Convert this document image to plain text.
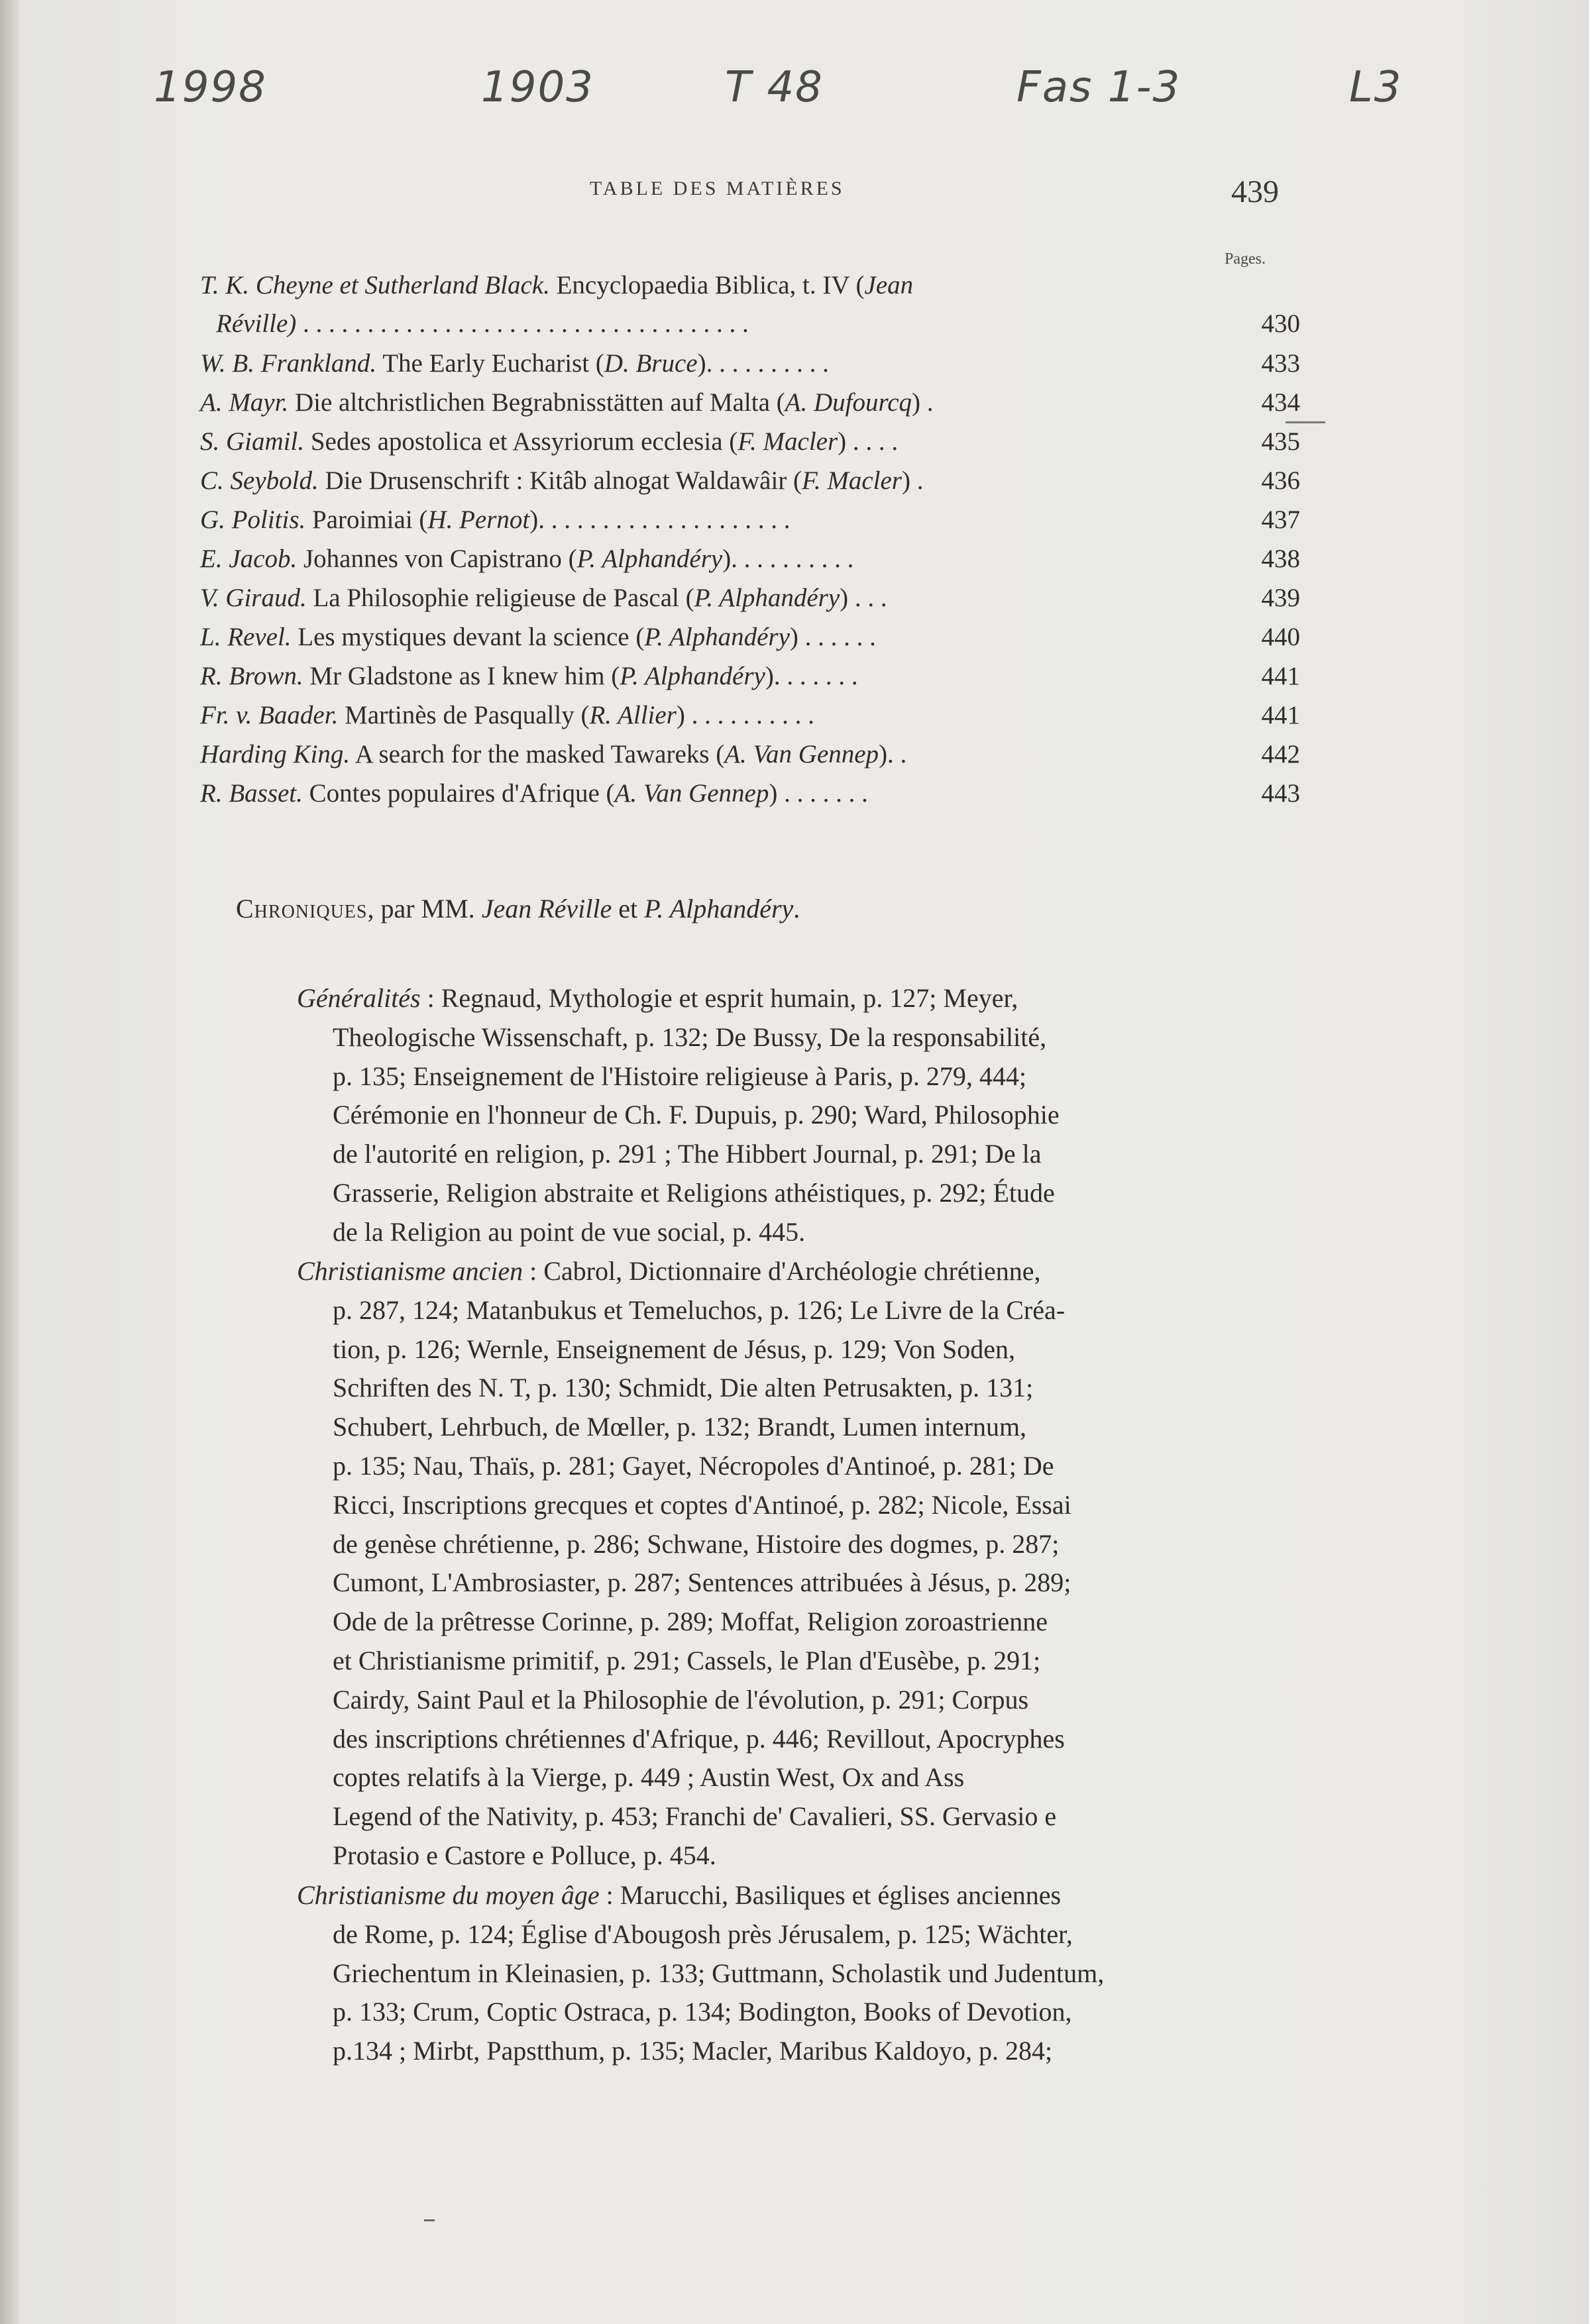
1998	1903	T 48	Fas 1-3	L3
TABLE DES MATIÈRES	439
Pages.
T. K. Cheyne et Sutherland Black. Encyclopaedia Biblica, t. IV (Jean
Réville) . . . . . . . . . . . . . . . . . . . . . . . . . . . . . . . . . . .	430
W. B. Frankland. The Early Eucharist (D. Bruce). . . . . . . . . .	433
A. Mayr. Die altchristlichen Begrabnisstätten auf Malta (A. Dufourcq) .	434
S. Giamil. Sedes apostolica et Assyriorum ecclesia (F. Macler) . . . .	435
C. Seybold. Die Drusenschrift : Kitâb alnogat Waldawâir (F. Macler) .	436
G. Politis. Paroimiai (H. Pernot). . . . . . . . . . . . . . . . . . . .	437
E. Jacob. Johannes von Capistrano (P. Alphandéry). . . . . . . . . .	438
V. Giraud. La Philosophie religieuse de Pascal (P. Alphandéry) . . .	439
L. Revel. Les mystiques devant la science (P. Alphandéry) . . . . . .	440
R. Brown. Mr Gladstone as I knew him (P. Alphandéry). . . . . . .	441
Fr. v. Baader. Martinès de Pasqually (R. Allier) . . . . . . . . . .	441
Harding King. A search for the masked Tawareks (A. Van Gennep). .	442
R. Basset. Contes populaires d'Afrique (A. Van Gennep) . . . . . . .	443
Chroniques, par MM. Jean Réville et P. Alphandéry.
Généralités : Regnaud, Mythologie et esprit humain, p. 127; Meyer,
Theologische Wissenschaft, p. 132; De Bussy, De la responsabilité,
p. 135; Enseignement de l'Histoire religieuse à Paris, p. 279, 444;
Cérémonie en l'honneur de Ch. F. Dupuis, p. 290; Ward, Philosophie
de l'autorité en religion, p. 291 ; The Hibbert Journal, p. 291; De la
Grasserie, Religion abstraite et Religions athéistiques, p. 292; Étude
de la Religion au point de vue social, p. 445.
Christianisme ancien : Cabrol, Dictionnaire d'Archéologie chrétienne,
p. 287, 124; Matanbukus et Temeluchos, p. 126; Le Livre de la Créa-
tion, p. 126; Wernle, Enseignement de Jésus, p. 129; Von Soden,
Schriften des N. T, p. 130; Schmidt, Die alten Petrusakten, p. 131;
Schubert, Lehrbuch, de Mœller, p. 132; Brandt, Lumen internum,
p. 135; Nau, Thaïs, p. 281; Gayet, Nécropoles d'Antinoé, p. 281; De
Ricci, Inscriptions grecques et coptes d'Antinoé, p. 282; Nicole, Essai
de genèse chrétienne, p. 286; Schwane, Histoire des dogmes, p. 287;
Cumont, L'Ambrosiaster, p. 287; Sentences attribuées à Jésus, p. 289;
Ode de la prêtresse Corinne, p. 289; Moffat, Religion zoroastrienne
et Christianisme primitif, p. 291; Cassels, le Plan d'Eusèbe, p. 291;
Cairdy, Saint Paul et la Philosophie de l'évolution, p. 291; Corpus
des inscriptions chrétiennes d'Afrique, p. 446; Revillout, Apocryphes
coptes relatifs à la Vierge, p. 449 ; Austin West, Ox and Ass
Legend of the Nativity, p. 453; Franchi de' Cavalieri, SS. Gervasio e
Protasio e Castore e Polluce, p. 454.
Christianisme du moyen âge : Marucchi, Basiliques et églises anciennes
de Rome, p. 124; Église d'Abougosh près Jérusalem, p. 125; Wächter,
Griechentum in Kleinasien, p. 133; Guttmann, Scholastik und Judentum,
p. 133; Crum, Coptic Ostraca, p. 134; Bodington, Books of Devotion,
p.134 ; Mirbt, Papstthum, p. 135; Macler, Maribus Kaldoyo, p. 284;
